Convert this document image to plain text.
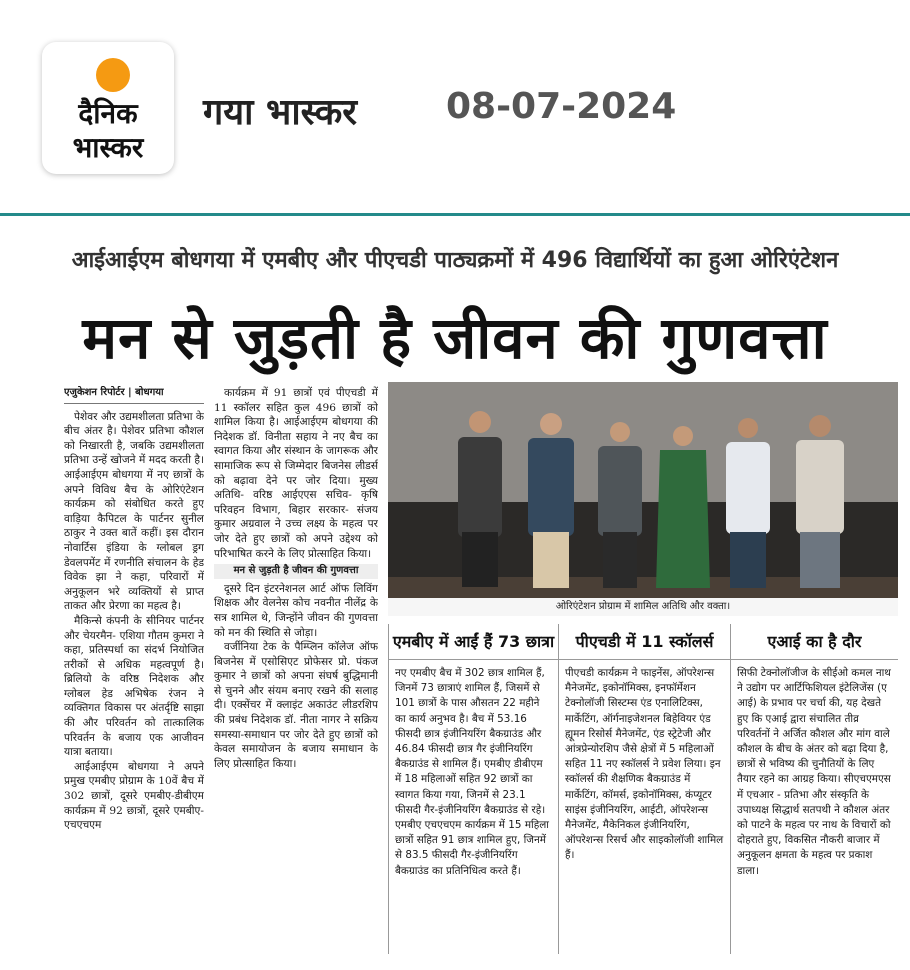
दैनिक
भास्कर
गया भास्कर 08-07-2024
आईआईएम बोधगया में एमबीए और पीएचडी पाठ्यक्रमों में 496 विद्यार्थियों का हुआ ओरिएंटेशन
मन से जुड़ती है जीवन की गुणवत्ता

एजुकेशन रिपोर्टर | बोधगया

पेशेवर और उद्यमशीलता प्रतिभा के बीच अंतर है। पेशेवर प्रतिभा कौशल को निखारती है, जबकि उद्यमशीलता प्रतिभा उन्हें खोजने में मदद करती है। आईआईएम बोधगया में नए छात्रों के अपने विविध बैच के ओरिएंटेशन कार्यक्रम को संबोधित करते हुए वाड़िया कैपिटल के पार्टनर सुनील ठाकुर ने उक्त बातें कहीं। इस दौरान नोवार्टिस इंडिया के ग्लोबल ड्रग डेवलपमेंट में रणनीति संचालन के हेड विवेक झा ने कहा, परिवारों में अनुकूलन भरे व्यक्तियों से प्राप्त ताकत और प्रेरणा का महत्व है।

मैकिन्से कंपनी के सीनियर पार्टनर और चेयरमैन- एशिया गौतम कुमरा ने कहा, प्रतिस्पर्धा का संदर्भ नियोजित तरीकों से अधिक महत्वपूर्ण है। ब्रिलियो के वरिष्ठ निदेशक और ग्लोबल हेड अभिषेक रंजन ने व्यक्तिगत विकास पर अंतर्दृष्टि साझा की और परिवर्तन को तात्कालिक परिवर्तन के बजाय एक आजीवन यात्रा बताया।

आईआईएम बोधगया ने अपने प्रमुख एमबीए प्रोग्राम के 10वें बैच में 302 छात्रों, दूसरे एमबीए-डीबीएम कार्यक्रम में 92 छात्रों, दूसरे एमबीए-एचएचएम

कार्यक्रम में 91 छात्रों एवं पीएचडी में 11 स्कॉलर सहित कुल 496 छात्रों को शामिल किया है। आईआईएम बोधगया की निदेशक डॉ. विनीता सहाय ने नए बैच का स्वागत किया और संस्थान के जागरूक और सामाजिक रूप से जिम्मेदार बिजनेस लीडर्स को बढ़ावा देने पर जोर दिया। मुख्य अतिथि- वरिष्ठ आईएएस सचिव- कृषि परिवहन विभाग, बिहार सरकार- संजय कुमार अग्रवाल ने उच्च लक्ष्य के महत्व पर जोर देते हुए छात्रों को अपने उद्देश्य को परिभाषित करने के लिए प्रोत्साहित किया।

मन से जुड़ती है जीवन की गुणवत्ता

दूसरे दिन इंटरनेशनल आर्ट ऑफ लिविंग शिक्षक और वेलनेस कोच नवनीत नीलेंद्र के सत्र शामिल थे, जिन्होंने जीवन की गुणवत्ता को मन की स्थिति से जोड़ा।

वर्जीनिया टेक के पैम्प्लिन कॉलेज ऑफ बिजनेस में एसोसिएट प्रोफेसर प्रो. पंकज कुमार ने छात्रों को अपना संघर्ष बुद्धिमानी से चुनने और संयम बनाए रखने की सलाह दी। एक्सेंचर में क्लाइंट अकाउंट लीडरशिप की प्रबंध निदेशक डॉ. नीता नागर ने सक्रिय समस्या-समाधान पर जोर देते हुए छात्रों को केवल समायोजन के बजाय समाधान के लिए प्रोत्साहित किया।

ओरिएंटेशन प्रोग्राम में शामिल अतिथि और वक्ता।
एमबीए में आईं हैं 73 छात्रा
नए एमबीए बैच में 302 छात्र शामिल हैं, जिनमें 73 छात्राएं शामिल हैं, जिसमें से 101 छात्रों के पास औसतन 22 महीने का कार्य अनुभव है। बैच में 53.16 फीसदी छात्र इंजीनियरिंग बैकग्राउंड और 46.84 फीसदी छात्र गैर इंजीनियरिंग बैकग्राउंड से शामिल हैं। एमबीए डीबीएम में 18 महिलाओं सहित 92 छात्रों का स्वागत किया गया, जिनमें से 23.1 फीसदी गैर-इंजीनियरिंग बैकग्राउंड से रहे। एमबीए एचएचएम कार्यक्रम में 15 महिला छात्रों सहित 91 छात्र शामिल हुए, जिनमें से 83.5 फीसदी गैर-इंजीनियरिंग बैकग्राउंड का प्रतिनिधित्व करते हैं।
पीएचडी में 11 स्कॉलर्स
पीएचडी कार्यक्रम ने फाइनेंस, ऑपरेशन्स मैनेजमेंट, इकोनॉमिक्स, इनफॉर्मेशन टेक्नोलॉजी सिस्टम्स एंड एनालिटिक्स, मार्केटिंग, ऑर्गनाइजेशनल बिहेवियर एंड ह्यूमन रिसोर्स मैनेजमेंट, एंड स्ट्रेटेजी और आंत्रप्रेन्योरशिप जैसे क्षेत्रों में 5 महिलाओं सहित 11 नए स्कॉलर्स ने प्रवेश लिया। इन स्कॉलर्स की शैक्षणिक बैकग्राउंड में मार्केटिंग, कॉमर्स, इकोनॉमिक्स, कंप्यूटर साइंस इंजीनियरिंग, आईटी, ऑपरेशन्स मैनेजमेंट, मैकेनिकल इंजीनियरिंग, ऑपरेशन्स रिसर्च और साइकोलॉजी शामिल हैं।
एआई का है दौर
सिफी टेक्नोलॉजीज के सीईओ कमल नाथ ने उद्योग पर आर्टिफिशियल इंटेलिजेंस (ए आई) के प्रभाव पर चर्चा की, यह देखते हुए कि एआई द्वारा संचालित तीव्र परिवर्तनों ने अर्जित कौशल और मांग वाले कौशल के बीच के अंतर को बढ़ा दिया है, छात्रों से भविष्य की चुनौतियों के लिए तैयार रहने का आग्रह किया। सीएचएमएस में एचआर - प्रतिभा और संस्कृति के उपाध्यक्ष सिद्धार्थ सतपथी ने कौशल अंतर को पाटने के महत्व पर नाथ के विचारों को दोहराते हुए, विकसित नौकरी बाजार में अनुकूलन क्षमता के महत्व पर प्रकाश डाला।
